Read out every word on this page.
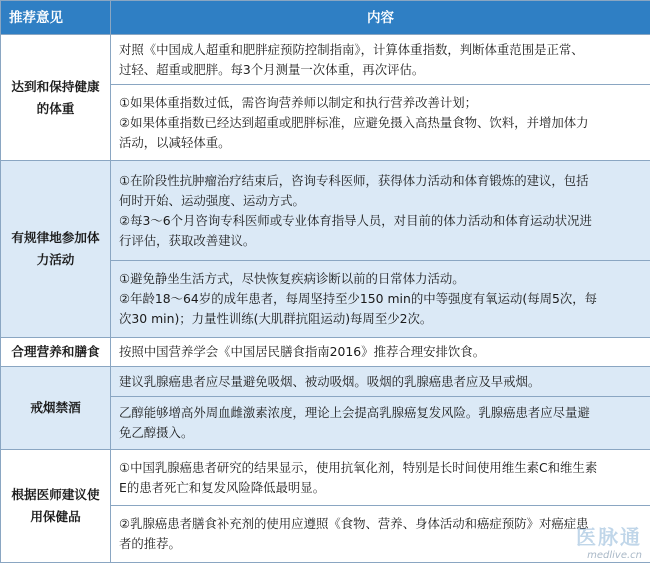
推荐意见	内容

达到和保持健康
的体重	对照《中国成人超重和肥胖症预防控制指南》，计算体重指数，判断体重范围是正常、
过轻、超重或肥胖。每3个月测量一次体重，再次评估。

	①如果体重指数过低，需咨询营养师以制定和执行营养改善计划；
②如果体重指数已经达到超重或肥胖标准，应避免摄入高热量食物、饮料，并增加体力
活动，以减轻体重。

有规律地参加体
力活动	①在阶段性抗肿瘤治疗结束后，咨询专科医师，获得体力活动和体育锻炼的建议，包括
何时开始、运动强度、运动方式。
②每3～6个月咨询专科医师或专业体育指导人员，对目前的体力活动和体育运动状况进
行评估，获取改善建议。

	①避免静坐生活方式，尽快恢复疾病诊断以前的日常体力活动。
②年龄18～64岁的成年患者，每周坚持至少150 min的中等强度有氧运动(每周5次，每
次30 min)；力量性训练(大肌群抗阻运动)每周至少2次。

合理营养和膳食	按照中国营养学会《中国居民膳食指南2016》推荐合理安排饮食。

戒烟禁酒	建议乳腺癌患者应尽量避免吸烟、被动吸烟。吸烟的乳腺癌患者应及早戒烟。

	乙醇能够增高外周血雌激素浓度，理论上会提高乳腺癌复发风险。乳腺癌患者应尽量避
免乙醇摄入。

根据医师建议使
用保健品	①中国乳腺癌患者研究的结果显示，使用抗氧化剂，特别是长时间使用维生素C和维生素
E的患者死亡和复发风险降低最明显。

	②乳腺癌患者膳食补充剂的使用应遵照《食物、营养、身体活动和癌症预防》对癌症患
者的推荐。	医脉通
medlive.cn
